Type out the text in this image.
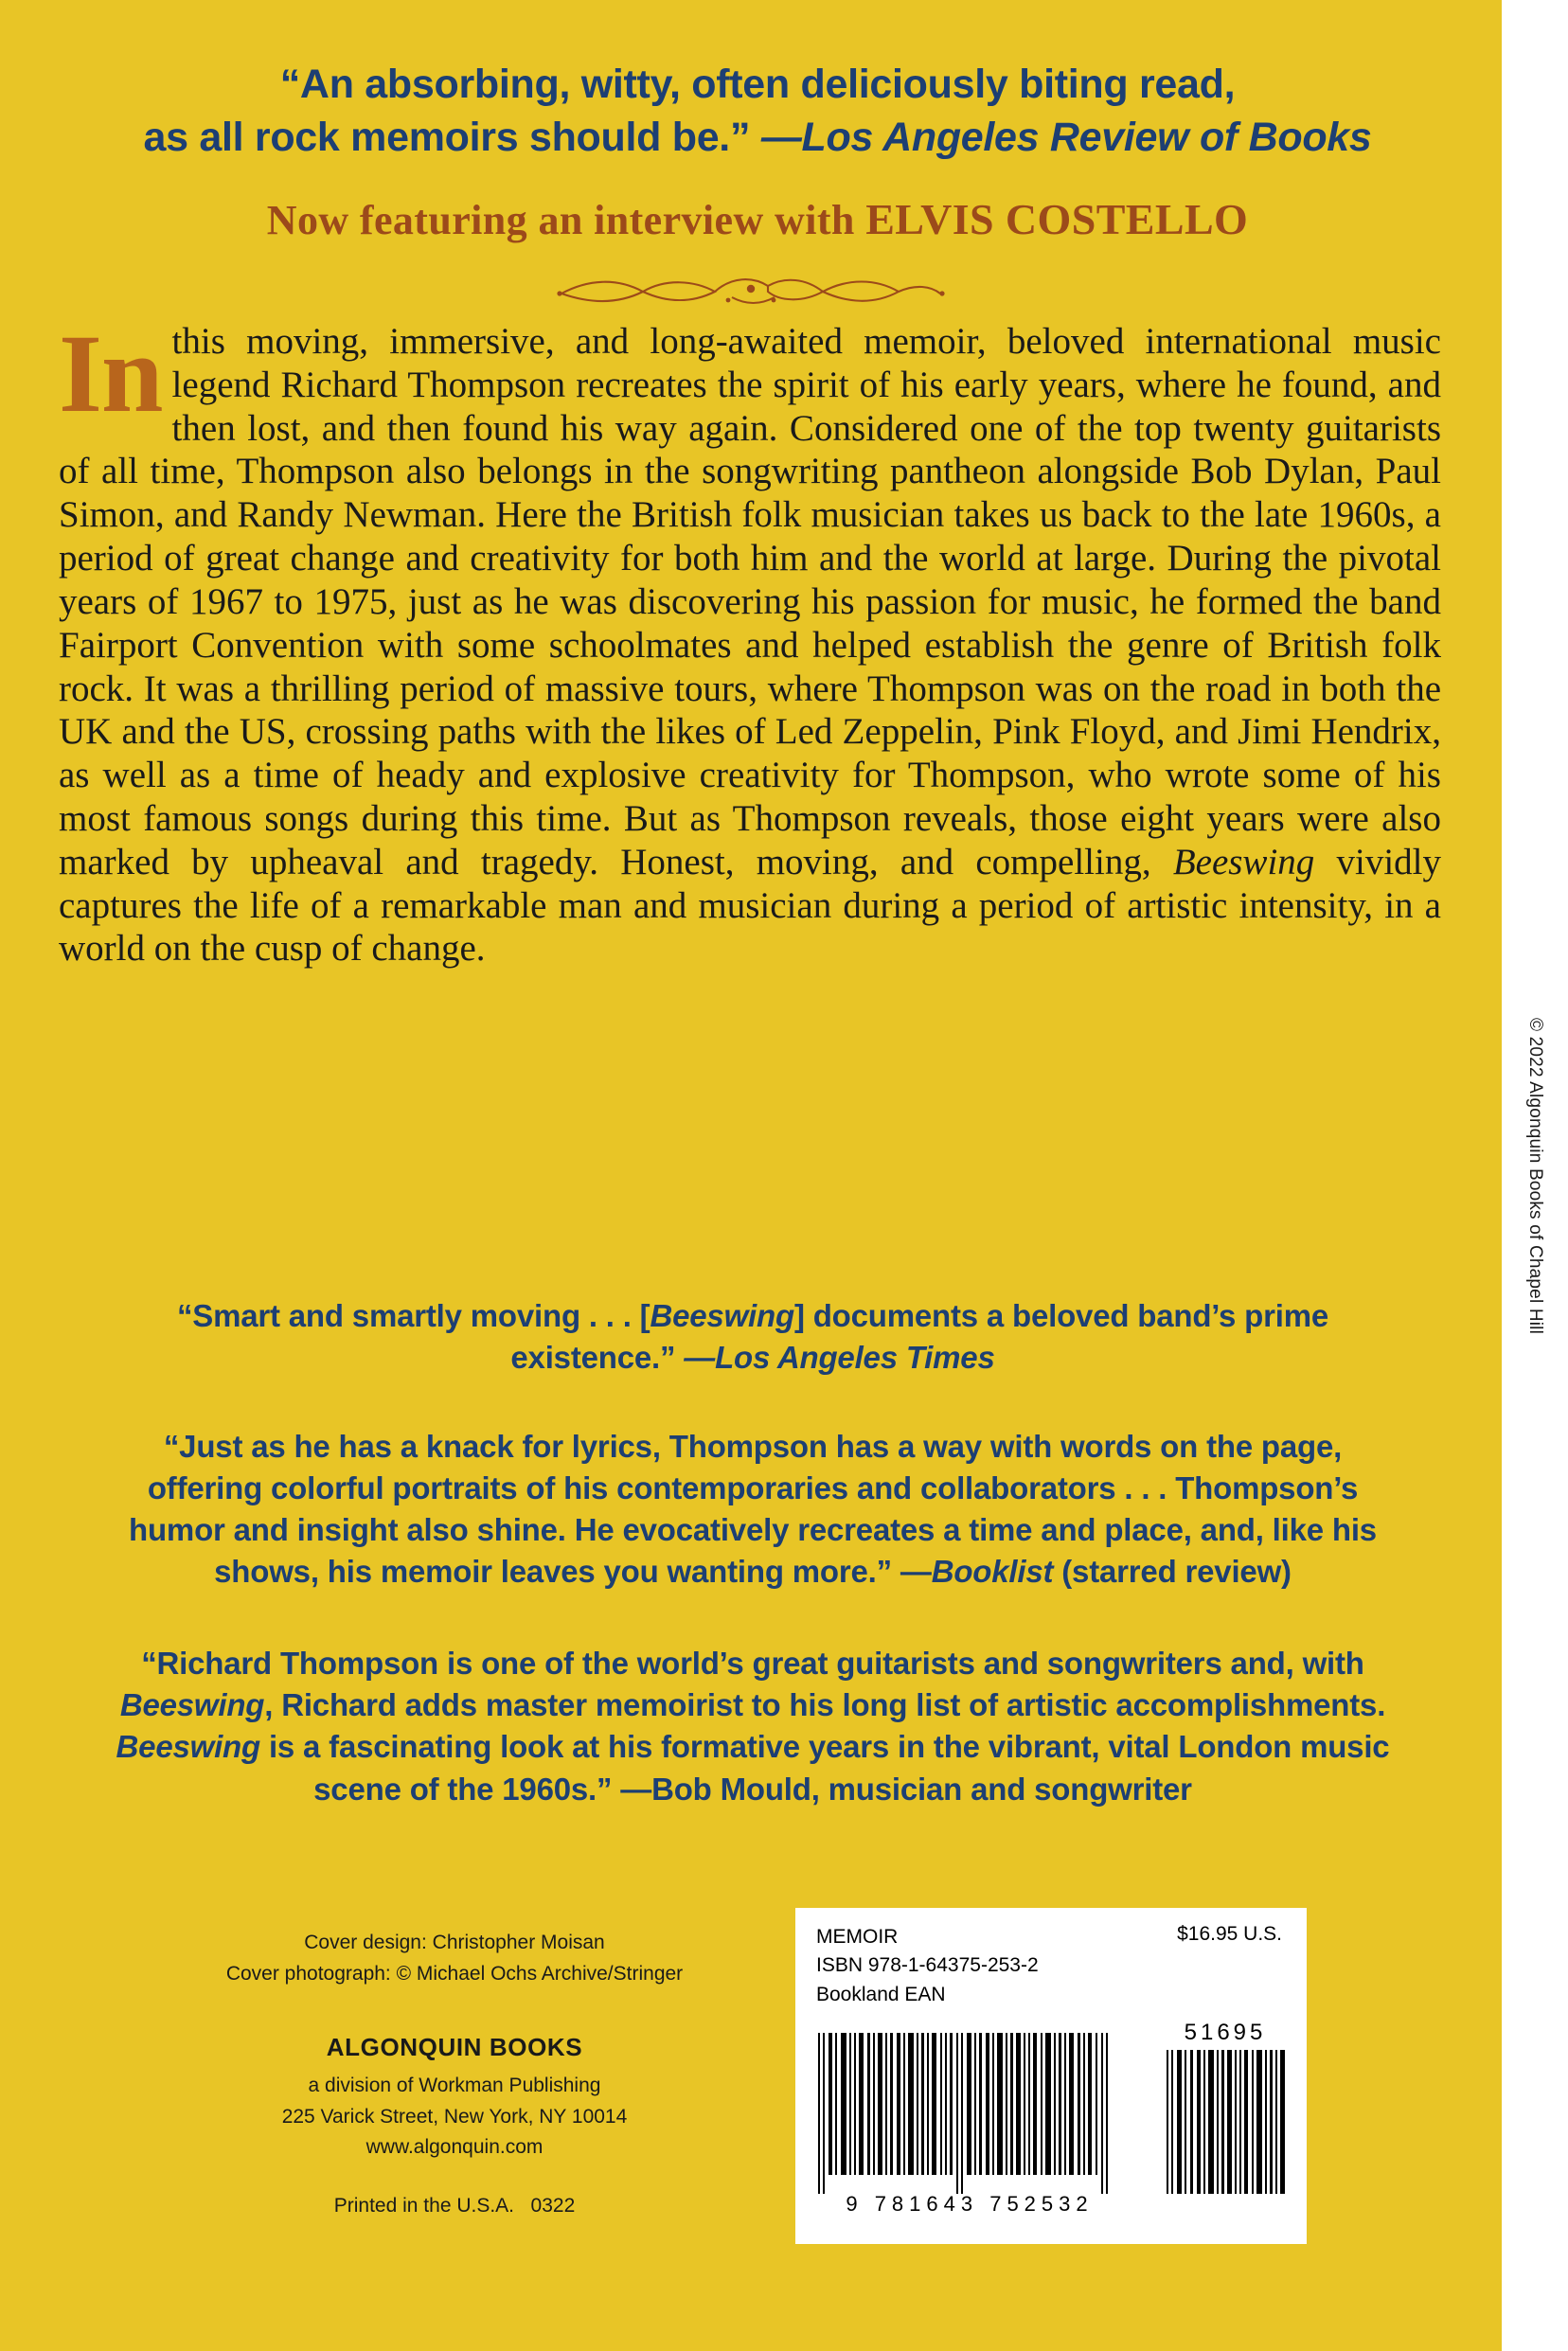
“An absorbing, witty, often deliciously biting read,
as all rock memoirs should be.” —Los Angeles Review of Books
Now featuring an interview with ELVIS COSTELLO
In this moving, immersive, and long-awaited memoir, beloved international music legend Richard Thompson recreates the spirit of his early years, where he found, and then lost, and then found his way again. Considered one of the top twenty guitarists of all time, Thompson also belongs in the songwriting pantheon alongside Bob Dylan, Paul Simon, and Randy Newman. Here the British folk musician takes us back to the late 1960s, a period of great change and creativity for both him and the world at large. During the pivotal years of 1967 to 1975, just as he was discovering his passion for music, he formed the band Fairport Convention with some schoolmates and helped establish the genre of British folk rock. It was a thrilling period of massive tours, where Thompson was on the road in both the UK and the US, crossing paths with the likes of Led Zeppelin, Pink Floyd, and Jimi Hendrix, as well as a time of heady and explosive creativity for Thompson, who wrote some of his most famous songs during this time. But as Thompson reveals, those eight years were also marked by upheaval and tragedy. Honest, moving, and compelling, Beeswing vividly captures the life of a remarkable man and musician during a period of artistic intensity, in a world on the cusp of change.
“Smart and smartly moving . . . [Beeswing] documents a beloved band’s prime existence.” —Los Angeles Times
“Just as he has a knack for lyrics, Thompson has a way with words on the page, offering colorful portraits of his contemporaries and collaborators . . . Thompson’s humor and insight also shine. He evocatively recreates a time and place, and, like his shows, his memoir leaves you wanting more.” —Booklist (starred review)
“Richard Thompson is one of the world’s great guitarists and songwriters and, with Beeswing, Richard adds master memoirist to his long list of artistic accomplishments. Beeswing is a fascinating look at his formative years in the vibrant, vital London music scene of the 1960s.” —Bob Mould, musician and songwriter
Cover design: Christopher Moisan
Cover photograph: © Michael Ochs Archive/Stringer
ALGONQUIN BOOKS
a division of Workman Publishing
225 Varick Street, New York, NY 10014
www.algonquin.com
Printed in the U.S.A. 0322
MEMOIR
ISBN 978-1-64375-253-2
Bookland EAN
$16.95 U.S.
9 781643 752532
51695
© 2022 Algonquin Books of Chapel Hill
